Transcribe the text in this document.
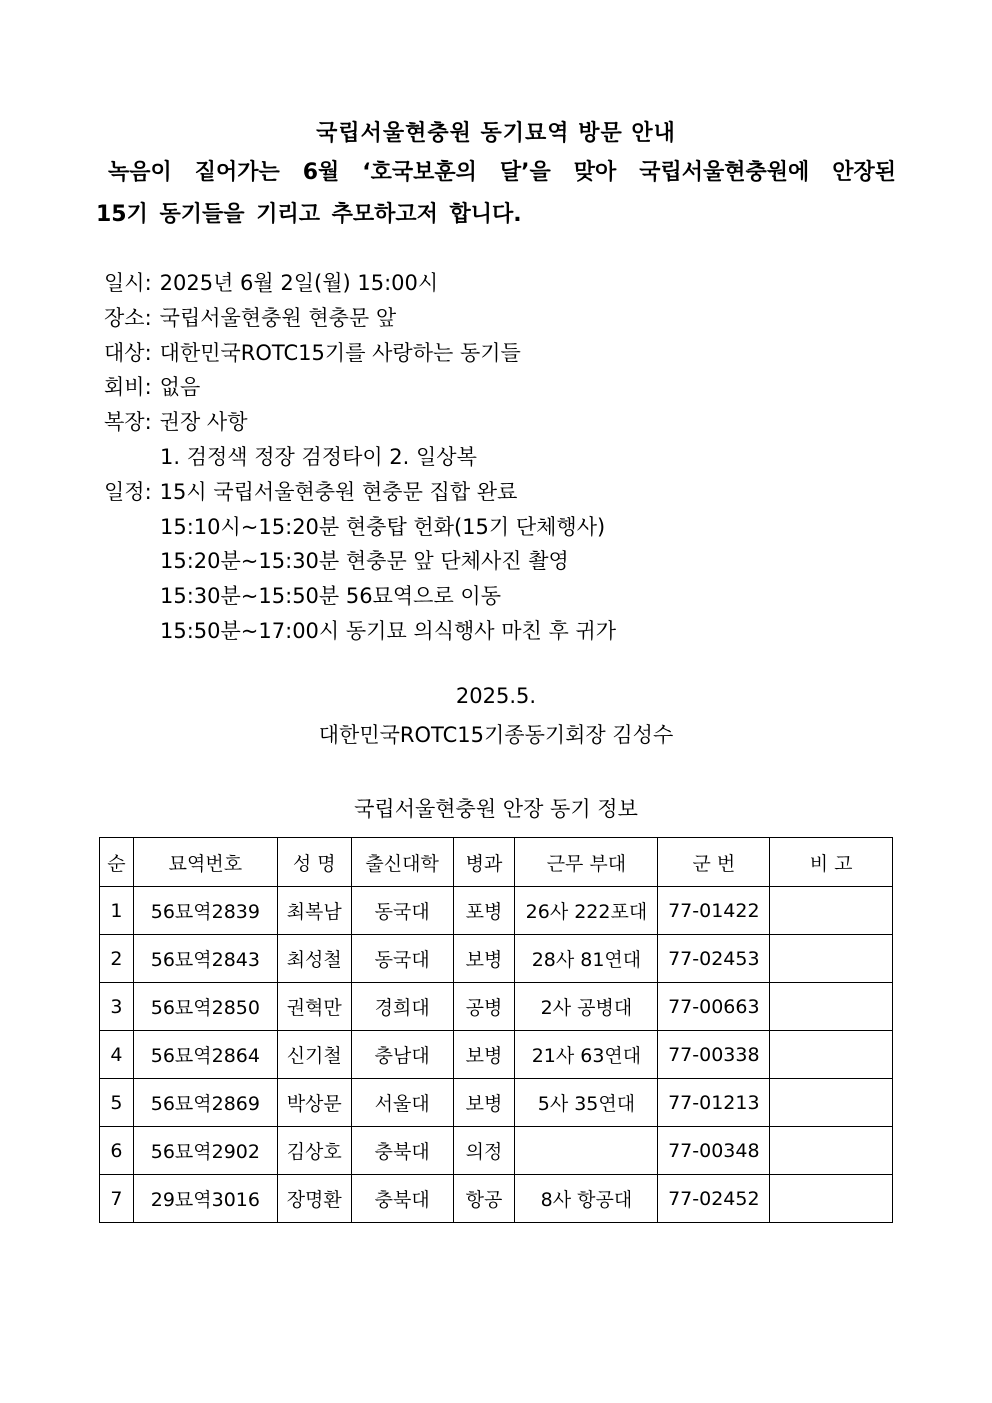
국립서울현충원 동기묘역 방문 안내
녹음이 짙어가는 6월 ‘호국보훈의 달’을 맞아 국립서울현충원에 안장된
15기 동기들을 기리고 추모하고저 합니다.
일시: 2025년 6월 2일(월) 15:00시
장소: 국립서울현충원 현충문 앞
대상: 대한민국ROTC15기를 사랑하는 동기들
회비: 없음
복장: 권장 사항
1. 검정색 정장 검정타이 2. 일상복
일정: 15시 국립서울현충원 현충문 집합 완료
15:10시~15:20분 현충탑 헌화(15기 단체행사)
15:20분~15:30분 현충문 앞 단체사진 촬영
15:30분~15:50분 56묘역으로 이동
15:50분~17:00시 동기묘 의식행사 마친 후 귀가
2025.5.
대한민국ROTC15기종동기회장 김성수
국립서울현충원 안장 동기 정보
순	묘역번호	성 명	출신대학	병과	근무 부대	군 번	비 고
1	56묘역2839	최복남	동국대	포병	26사 222포대	77-01422	
2	56묘역2843	최성철	동국대	보병	28사 81연대	77-02453	
3	56묘역2850	권혁만	경희대	공병	2사 공병대	77-00663	
4	56묘역2864	신기철	충남대	보병	21사 63연대	77-00338	
5	56묘역2869	박상문	서울대	보병	5사 35연대	77-01213	
6	56묘역2902	김상호	충북대	의정		77-00348	
7	29묘역3016	장명환	충북대	항공	8사 항공대	77-02452	
